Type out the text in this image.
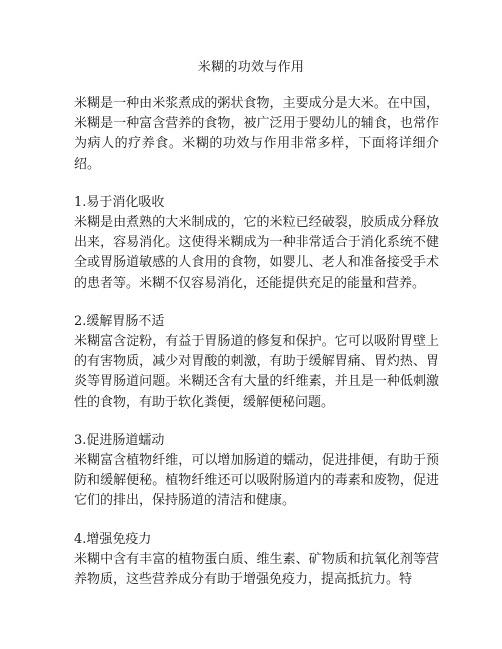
米糊的功效与作用

米糊是一种由米浆煮成的粥状食物，主要成分是大米。在中国，米糊是一种富含营养的食物，被广泛用于婴幼儿的辅食，也常作为病人的疗养食。米糊的功效与作用非常多样，下面将详细介绍。

1.易于消化吸收

米糊是由煮熟的大米制成的，它的米粒已经破裂，胶质成分释放出来，容易消化。这使得米糊成为一种非常适合于消化系统不健全或胃肠道敏感的人食用的食物，如婴儿、老人和准备接受手术的患者等。米糊不仅容易消化，还能提供充足的能量和营养。

2.缓解胃肠不适

米糊富含淀粉，有益于胃肠道的修复和保护。它可以吸附胃壁上的有害物质，减少对胃酸的刺激，有助于缓解胃痛、胃灼热、胃炎等胃肠道问题。米糊还含有大量的纤维素，并且是一种低刺激性的食物，有助于软化粪便，缓解便秘问题。

3.促进肠道蠕动

米糊富含植物纤维，可以增加肠道的蠕动，促进排便，有助于预防和缓解便秘。植物纤维还可以吸附肠道内的毒素和废物，促进它们的排出，保持肠道的清洁和健康。

4.增强免疫力

米糊中含有丰富的植物蛋白质、维生素、矿物质和抗氧化剂等营养物质，这些营养成分有助于增强免疫力，提高抵抗力。特
